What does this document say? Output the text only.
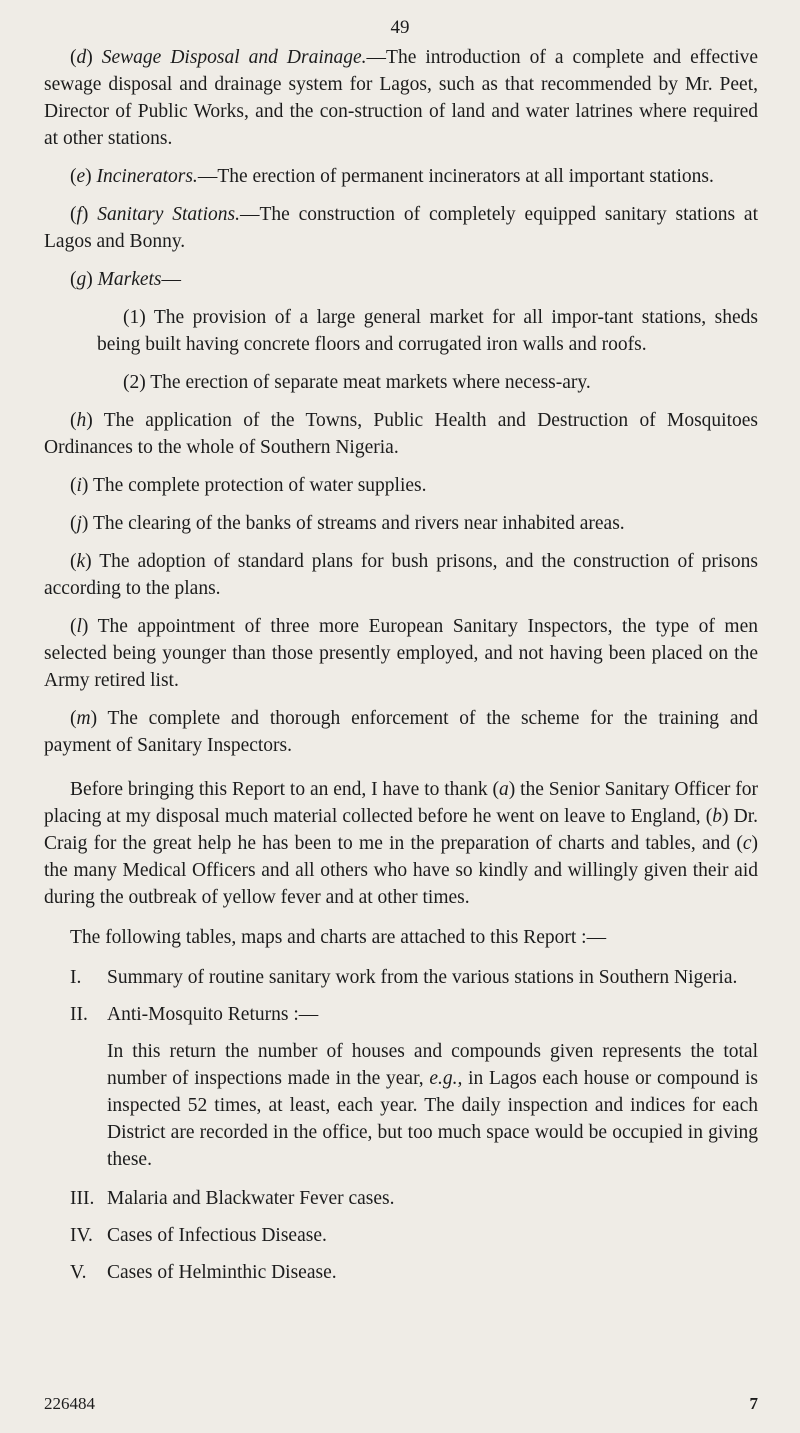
49

(d) Sewage Disposal and Drainage.—The introduction of a complete and effective sewage disposal and drainage system for Lagos, such as that recommended by Mr. Peet, Director of Public Works, and the con-struction of land and water latrines where required at other stations.

(e) Incinerators.—The erection of permanent incinerators at all important stations.

(f) Sanitary Stations.—The construction of completely equipped sanitary stations at Lagos and Bonny.

(g) Markets—

(1) The provision of a large general market for all impor-tant stations, sheds being built having concrete floors and corrugated iron walls and roofs.

(2) The erection of separate meat markets where necess-ary.

(h) The application of the Towns, Public Health and Destruction of Mosquitoes Ordinances to the whole of Southern Nigeria.

(i) The complete protection of water supplies.

(j) The clearing of the banks of streams and rivers near inhabited areas.

(k) The adoption of standard plans for bush prisons, and the construction of prisons according to the plans.

(l) The appointment of three more European Sanitary Inspectors, the type of men selected being younger than those presently employed, and not having been placed on the Army retired list.

(m) The complete and thorough enforcement of the scheme for the training and payment of Sanitary Inspectors.

Before bringing this Report to an end, I have to thank (a) the Senior Sanitary Officer for placing at my disposal much material collected before he went on leave to England, (b) Dr. Craig for the great help he has been to me in the preparation of charts and tables, and (c) the many Medical Officers and all others who have so kindly and willingly given their aid during the outbreak of yellow fever and at other times.

The following tables, maps and charts are attached to this Report :—

I.	Summary of routine sanitary work from the various stations in Southern Nigeria.
II. Anti-Mosquito Returns :—

In this return the number of houses and compounds given represents the total number of inspections made in the year, e.g., in Lagos each house or compound is inspected 52 times, at least, each year. The daily inspection and indices for each District are recorded in the office, but too much space would be occupied in giving these.

III. Malaria and Blackwater Fever cases.
IV. Cases of Infectious Disease.
V.	Cases of Helminthic Disease.
226484	7
